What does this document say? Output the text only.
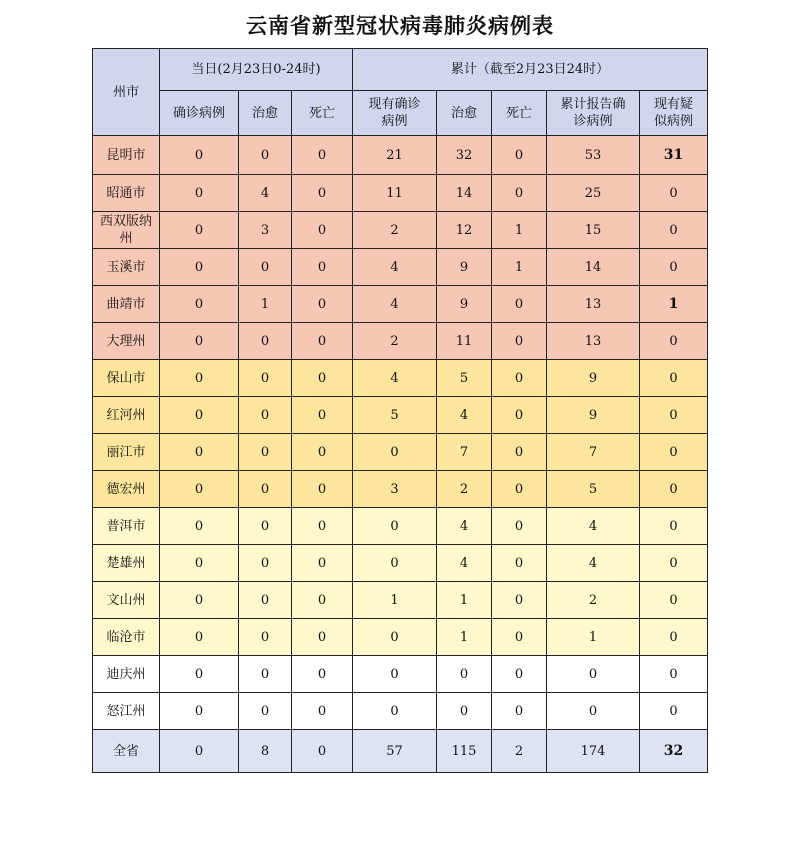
云南省新型冠状病毒肺炎病例表
州市	当日(2月23日0-24时)			累计（截至2月23日24时）				
	确诊病例	治愈	死亡	现有确诊病例	治愈	死亡	累计报告确诊病例	现有疑似病例

昆明市	0	0	0	21	32	0	53	31
昭通市	0	4	0	11	14	0	25	0
西双版纳州	0	3	0	2	12	1	15	0
玉溪市	0	0	0	4	9	1	14	0
曲靖市	0	1	0	4	9	0	13	1
大理州	0	0	0	2	11	0	13	0
保山市	0	0	0	4	5	0	9	0
红河州	0	0	0	5	4	0	9	0
丽江市	0	0	0	0	7	0	7	0
德宏州	0	0	0	3	2	0	5	0
普洱市	0	0	0	0	4	0	4	0
楚雄州	0	0	0	0	4	0	4	0
文山州	0	0	0	1	1	0	2	0
临沧市	0	0	0	0	1	0	1	0
迪庆州	0	0	0	0	0	0	0	0
怒江州	0	0	0	0	0	0	0	0
全省	0	8	0	57	115	2	174	32
